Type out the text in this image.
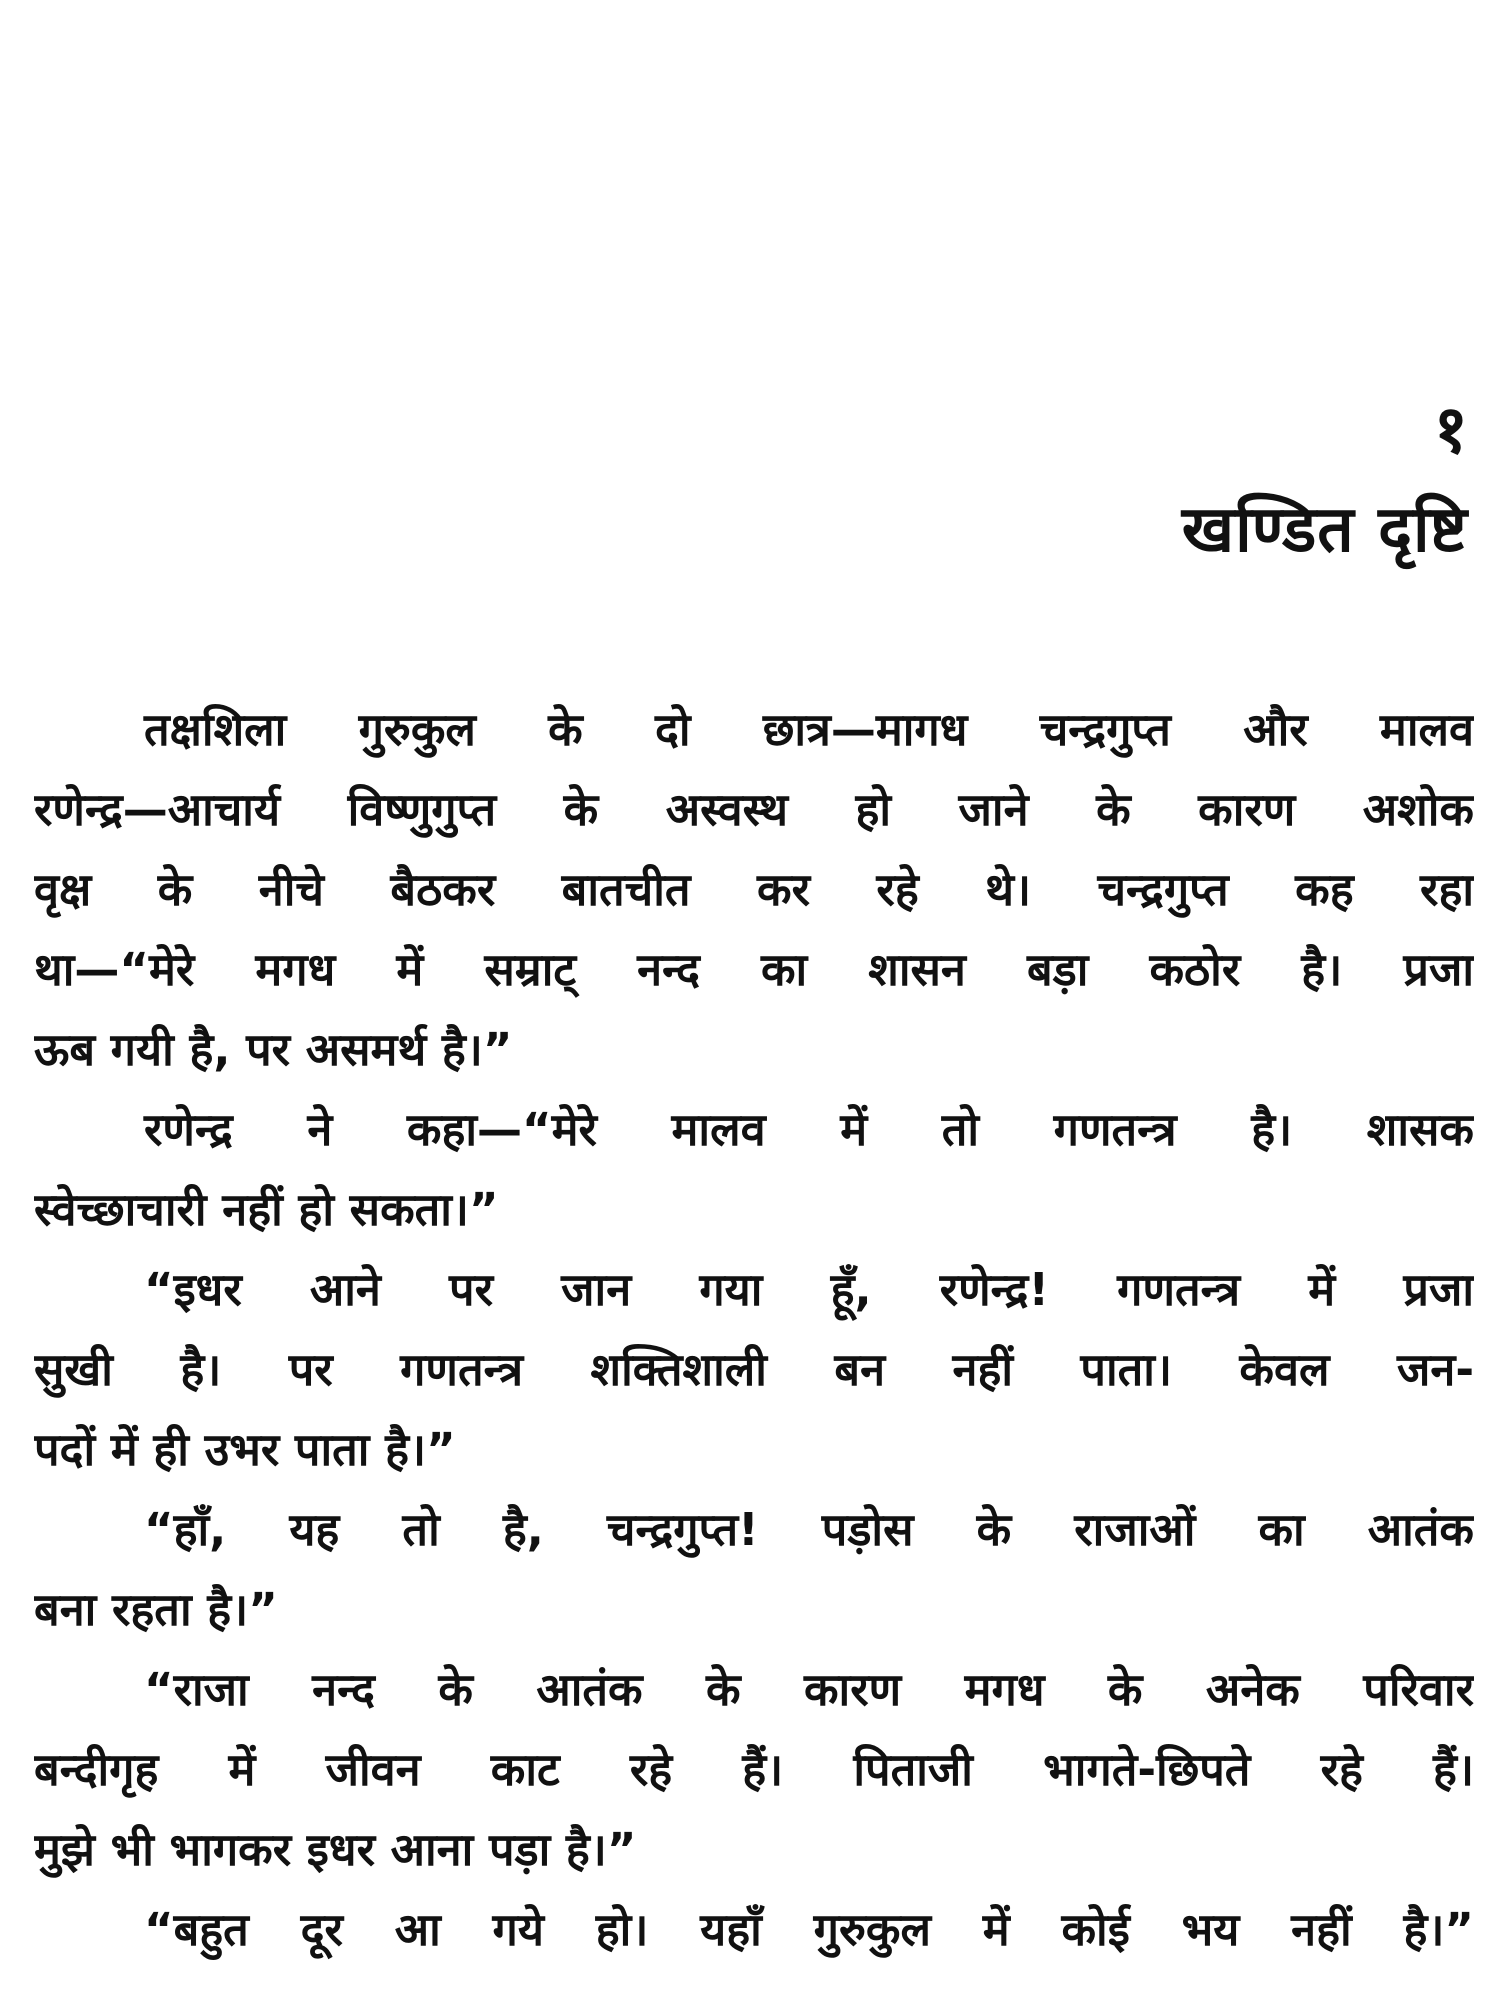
१
खण्डित दृष्टि
तक्षशिला गुरुकुल के दो छात्र—मागध चन्द्रगुप्त और मालव
रणेन्द्र—आचार्य विष्णुगुप्त के अस्वस्थ हो जाने के कारण अशोक
वृक्ष के नीचे बैठकर बातचीत कर रहे थे। चन्द्रगुप्त कह रहा
था—“मेरे मगध में सम्राट् नन्द का शासन बड़ा कठोर है। प्रजा
ऊब गयी है, पर असमर्थ है।”
रणेन्द्र ने कहा—“मेरे मालव में तो गणतन्त्र है। शासक
स्वेच्छाचारी नहीं हो सकता।”
“इधर आने पर जान गया हूँ, रणेन्द्र! गणतन्त्र में प्रजा
सुखी है। पर गणतन्त्र शक्तिशाली बन नहीं पाता। केवल जन-
पदों में ही उभर पाता है।”
“हाँ, यह तो है, चन्द्रगुप्त! पड़ोस के राजाओं का आतंक
बना रहता है।”
“राजा नन्द के आतंक के कारण मगध के अनेक परिवार
बन्दीगृह में जीवन काट रहे हैं। पिताजी भागते-छिपते रहे हैं।
मुझे भी भागकर इधर आना पड़ा है।”
“बहुत दूर आ गये हो। यहाँ गुरुकुल में कोई भय नहीं है।”
